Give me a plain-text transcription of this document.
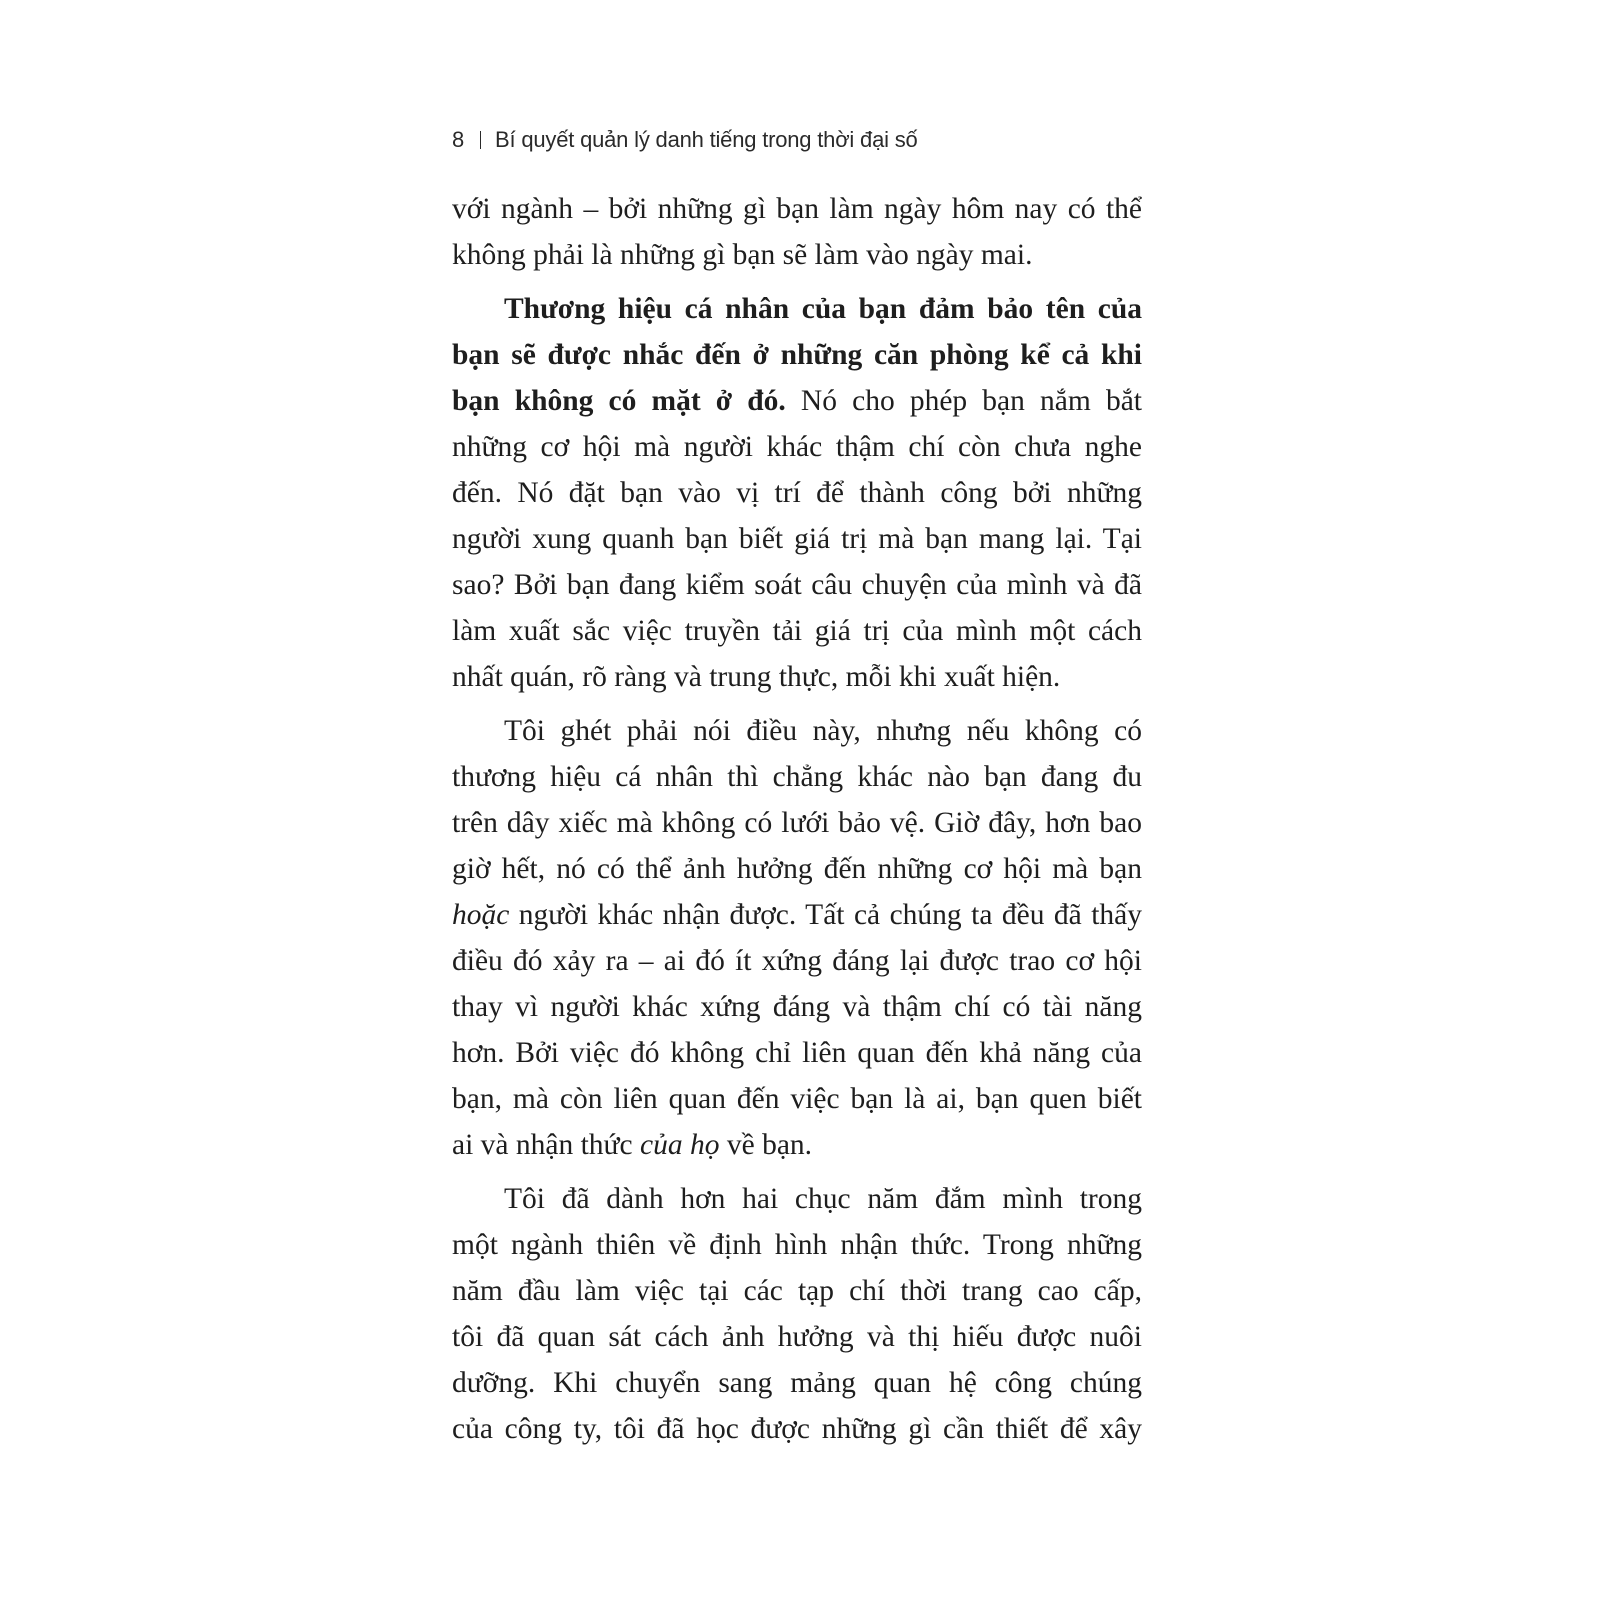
8 Bí quyết quản lý danh tiếng trong thời đại số

với ngành – bởi những gì bạn làm ngày hôm nay có thể
không phải là những gì bạn sẽ làm vào ngày mai.

Thương hiệu cá nhân của bạn đảm bảo tên của
bạn sẽ được nhắc đến ở những căn phòng kể cả khi
bạn không có mặt ở đó. Nó cho phép bạn nắm bắt
những cơ hội mà người khác thậm chí còn chưa nghe
đến. Nó đặt bạn vào vị trí để thành công bởi những
người xung quanh bạn biết giá trị mà bạn mang lại. Tại
sao? Bởi bạn đang kiểm soát câu chuyện của mình và đã
làm xuất sắc việc truyền tải giá trị của mình một cách
nhất quán, rõ ràng và trung thực, mỗi khi xuất hiện.

Tôi ghét phải nói điều này, nhưng nếu không có
thương hiệu cá nhân thì chẳng khác nào bạn đang đu
trên dây xiếc mà không có lưới bảo vệ. Giờ đây, hơn bao
giờ hết, nó có thể ảnh hưởng đến những cơ hội mà bạn
hoặc người khác nhận được. Tất cả chúng ta đều đã thấy
điều đó xảy ra – ai đó ít xứng đáng lại được trao cơ hội
thay vì người khác xứng đáng và thậm chí có tài năng
hơn. Bởi việc đó không chỉ liên quan đến khả năng của
bạn, mà còn liên quan đến việc bạn là ai, bạn quen biết
ai và nhận thức của họ về bạn.

Tôi đã dành hơn hai chục năm đắm mình trong
một ngành thiên về định hình nhận thức. Trong những
năm đầu làm việc tại các tạp chí thời trang cao cấp,
tôi đã quan sát cách ảnh hưởng và thị hiếu được nuôi
dưỡng. Khi chuyển sang mảng quan hệ công chúng
của công ty, tôi đã học được những gì cần thiết để xây
